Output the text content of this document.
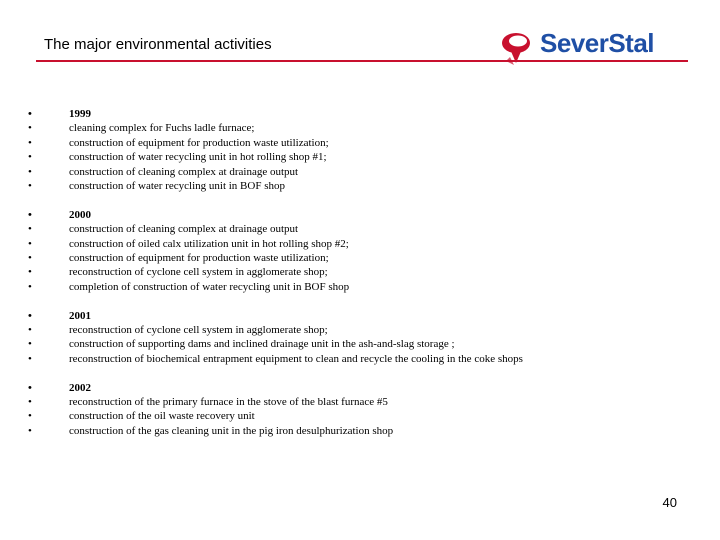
The major environmental activities	SeverStal
• 1999
• cleaning complex for Fuchs ladle furnace;
• construction of equipment for production waste utilization;
• construction of water recycling unit in hot rolling shop #1;
• construction of cleaning complex at drainage output
• construction of water recycling unit in BOF shop
• 2000
• construction of cleaning complex at drainage output
• construction of oiled calx utilization unit in hot rolling shop #2;
• construction of equipment for production waste utilization;
• reconstruction of cyclone cell system in agglomerate shop;
• completion of construction of water recycling unit in BOF shop
• 2001
• reconstruction of cyclone cell system in agglomerate shop;
• construction of supporting dams and inclined drainage unit in the ash-and-slag storage ;
• reconstruction of biochemical entrapment equipment to clean and recycle the cooling in the coke shops
• 2002
• reconstruction of the primary furnace in the stove of the blast furnace #5
• construction of the oil waste recovery unit
• construction of the gas cleaning unit in the pig iron desulphurization shop
40
